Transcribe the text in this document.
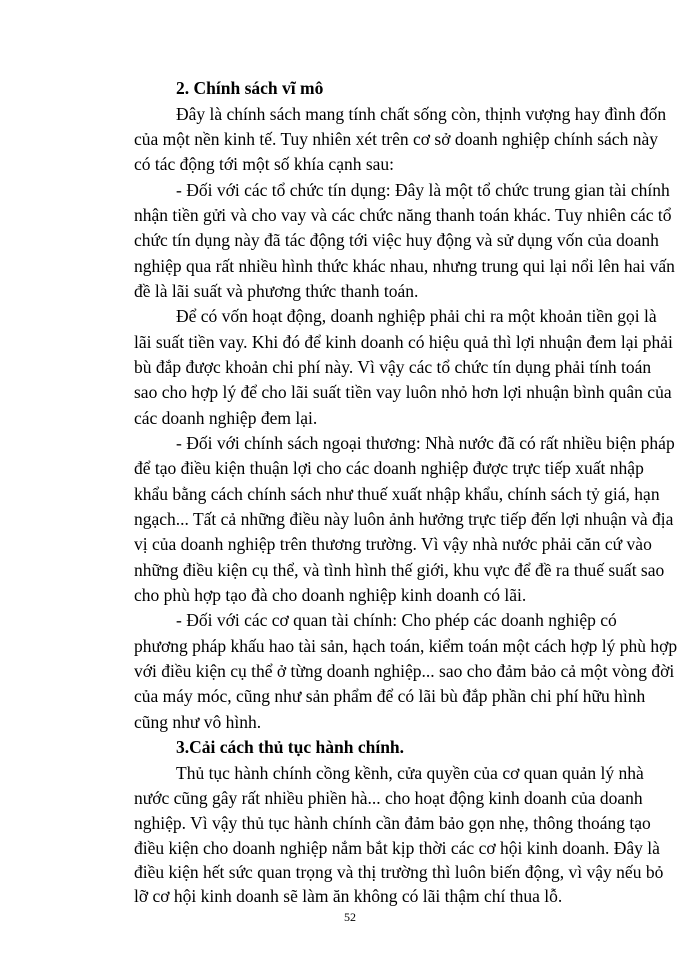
2. Chính sách vĩ mô
Đây là chính sách mang tính chất sống còn, thịnh vượng hay đình đốn
của một nền kinh tế. Tuy nhiên xét trên cơ sở doanh nghiệp chính sách này
có tác động tới một số khía cạnh sau:
- Đối với các tổ chức tín dụng: Đây là một tổ chức trung gian tài chính
nhận tiền gửi và cho vay và các chức năng thanh toán khác. Tuy nhiên các tổ
chức tín dụng này đã tác động tới việc huy động và sử dụng vốn của doanh
nghiệp qua rất nhiều hình thức khác nhau, nhưng trung qui lại nổi lên hai vấn
đề là lãi suất và phương thức thanh toán.
Để có vốn hoạt động, doanh nghiệp phải chi ra một khoản tiền gọi là
lãi suất tiền vay. Khi đó để kinh doanh có hiệu quả thì lợi nhuận đem lại phải
bù đắp được khoản chi phí này. Vì vậy các tổ chức tín dụng phải tính toán
sao cho hợp lý để cho lãi suất tiền vay luôn nhỏ hơn lợi nhuận bình quân của
các doanh nghiệp đem lại.
- Đối với chính sách ngoại thương: Nhà nước đã có rất nhiều biện pháp
để tạo điều kiện thuận lợi cho các doanh nghiệp được trực tiếp xuất nhập
khẩu bằng cách chính sách như thuế xuất nhập khẩu, chính sách tỷ giá, hạn
ngạch... Tất cả những điều này luôn ảnh hưởng trực tiếp đến lợi nhuận và địa
vị của doanh nghiệp trên thương trường. Vì vậy nhà nước phải căn cứ vào
những điều kiện cụ thể, và tình hình thế giới, khu vực để đề ra thuế suất sao
cho phù hợp tạo đà cho doanh nghiệp kinh doanh có lãi.
- Đối với các cơ quan tài chính: Cho phép các doanh nghiệp có
phương pháp khấu hao tài sản, hạch toán, kiểm toán một cách hợp lý phù hợp
với điều kiện cụ thể ở từng doanh nghiệp... sao cho đảm bảo cả một vòng đời
của máy móc, cũng như sản phẩm để có lãi bù đắp phần chi phí hữu hình
cũng như vô hình.
3.Cải cách thủ tục hành chính.
Thủ tục hành chính cồng kềnh, cửa quyền của cơ quan quản lý nhà
nước cũng gây rất nhiều phiền hà... cho hoạt động kinh doanh của doanh
nghiệp. Vì vậy thủ tục hành chính cần đảm bảo gọn nhẹ, thông thoáng tạo
điều kiện cho doanh nghiệp nắm bắt kịp thời các cơ hội kinh doanh. Đây là
điều kiện hết sức quan trọng và thị trường thì luôn biến động, vì vậy nếu bỏ
lỡ cơ hội kinh doanh sẽ làm ăn không có lãi thậm chí thua lỗ.
52
